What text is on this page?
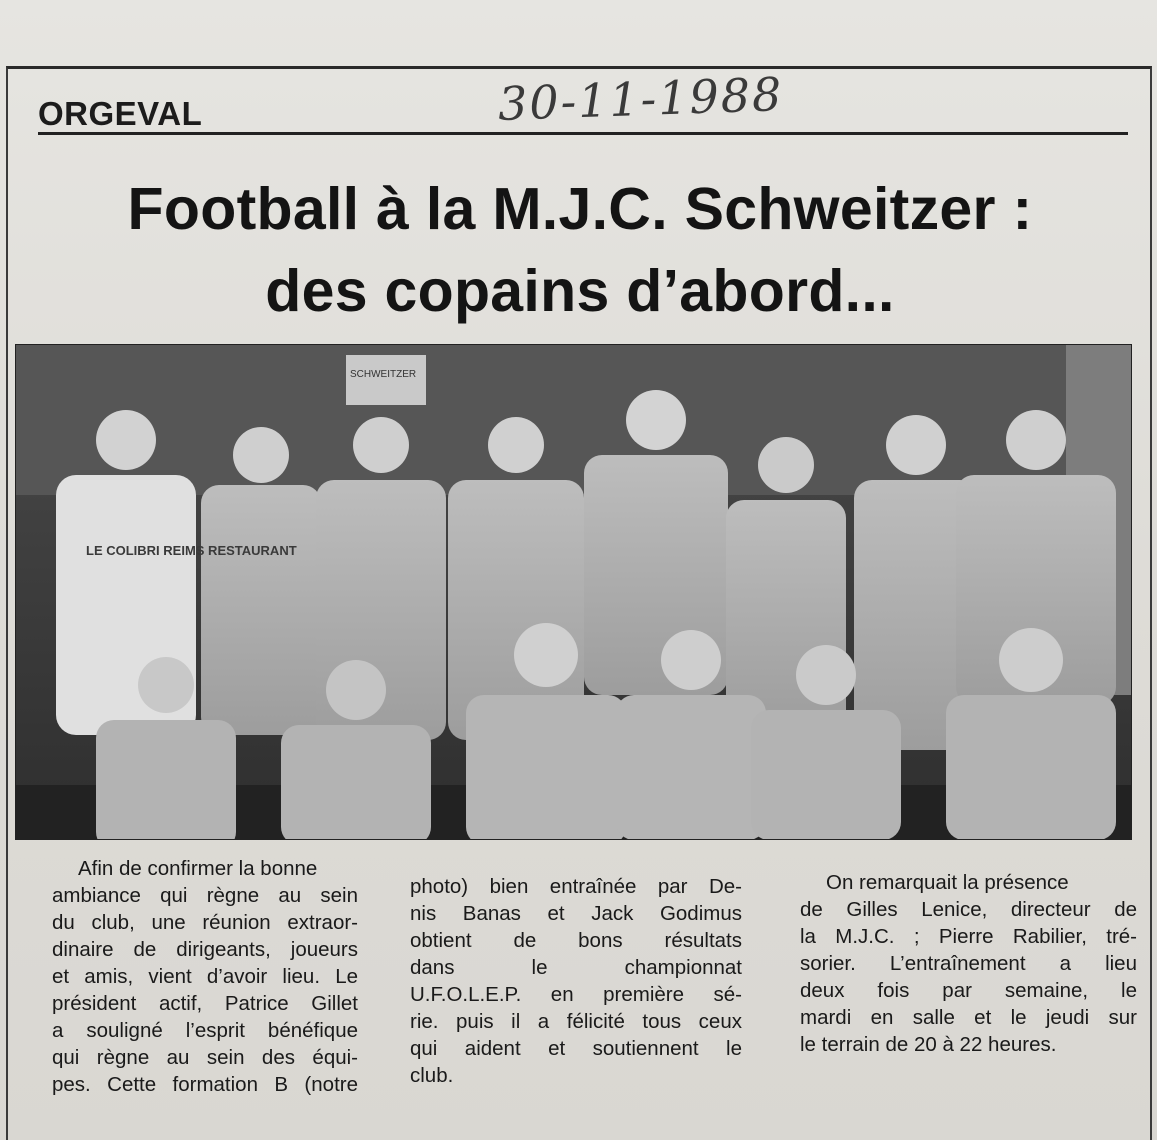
ORGEVAL	30-11-1988
Football à la M.J.C. Schweitzer :
des copains d’abord...
SCHWEITZER
LE COLIBRI REIMS RESTAURANT
Afin de confirmer la bonne
ambiance qui règne au sein
du club, une réunion extraor-
dinaire de dirigeants, joueurs
et amis, vient d’avoir lieu. Le
président actif, Patrice Gillet
a souligné l’esprit bénéfique
qui règne au sein des équi-
pes. Cette formation B (notre
photo) bien entraînée par De-
nis Banas et Jack Godimus
obtient de bons résultats
dans le championnat
U.F.O.L.E.P. en première sé-
rie. puis il a félicité tous ceux
qui aident et soutiennent le
club.
On remarquait la présence
de Gilles Lenice, directeur de
la M.J.C. ; Pierre Rabilier, tré-
sorier. L’entraînement a lieu
deux fois par semaine, le
mardi en salle et le jeudi sur
le terrain de 20 à 22 heures.
